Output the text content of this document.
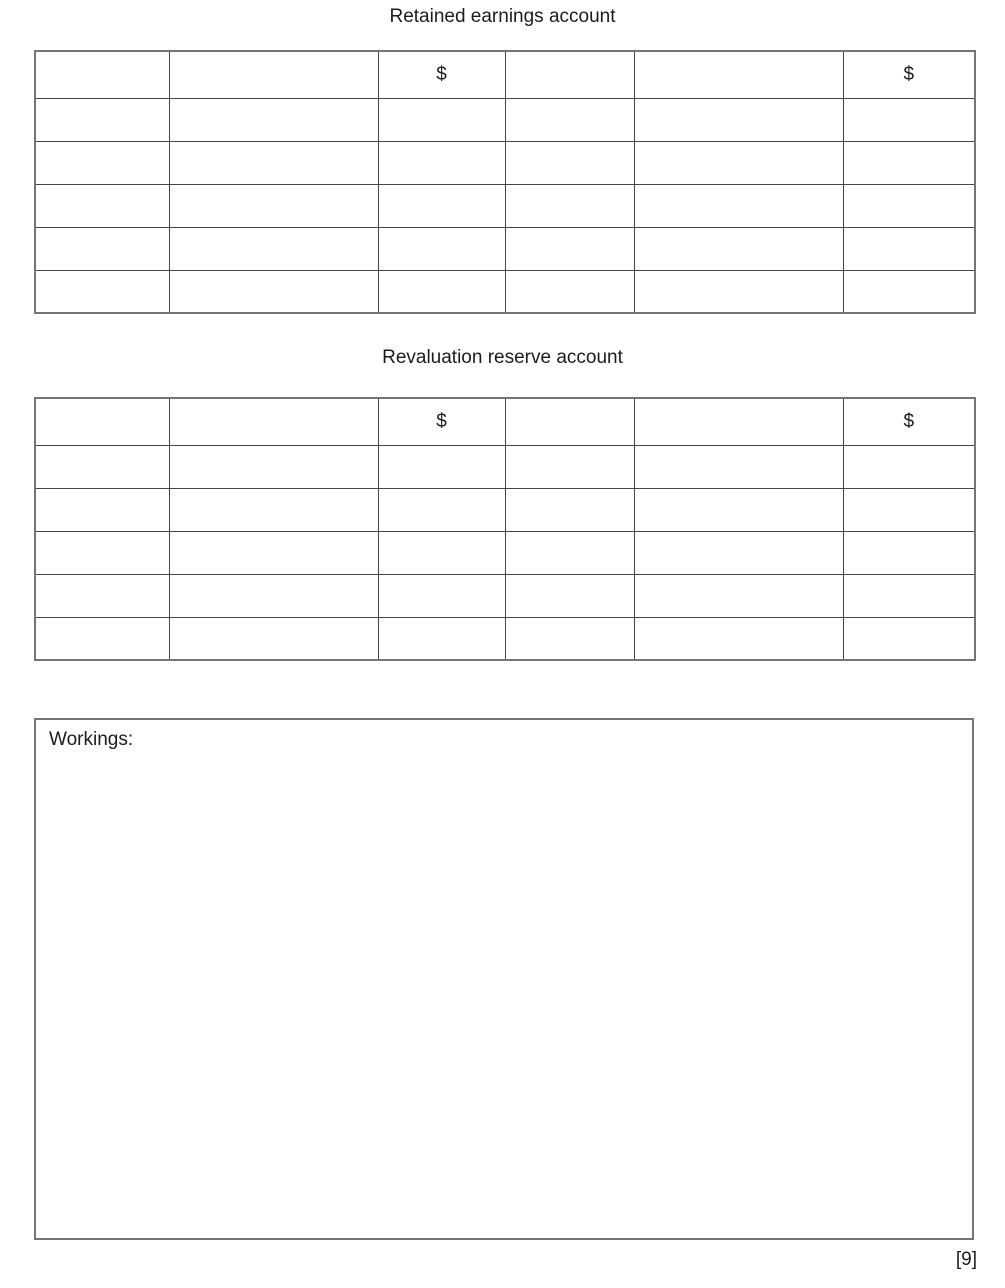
Retained earnings account
		$			$

Revaluation reserve account
		$			$

Workings:
[9]
